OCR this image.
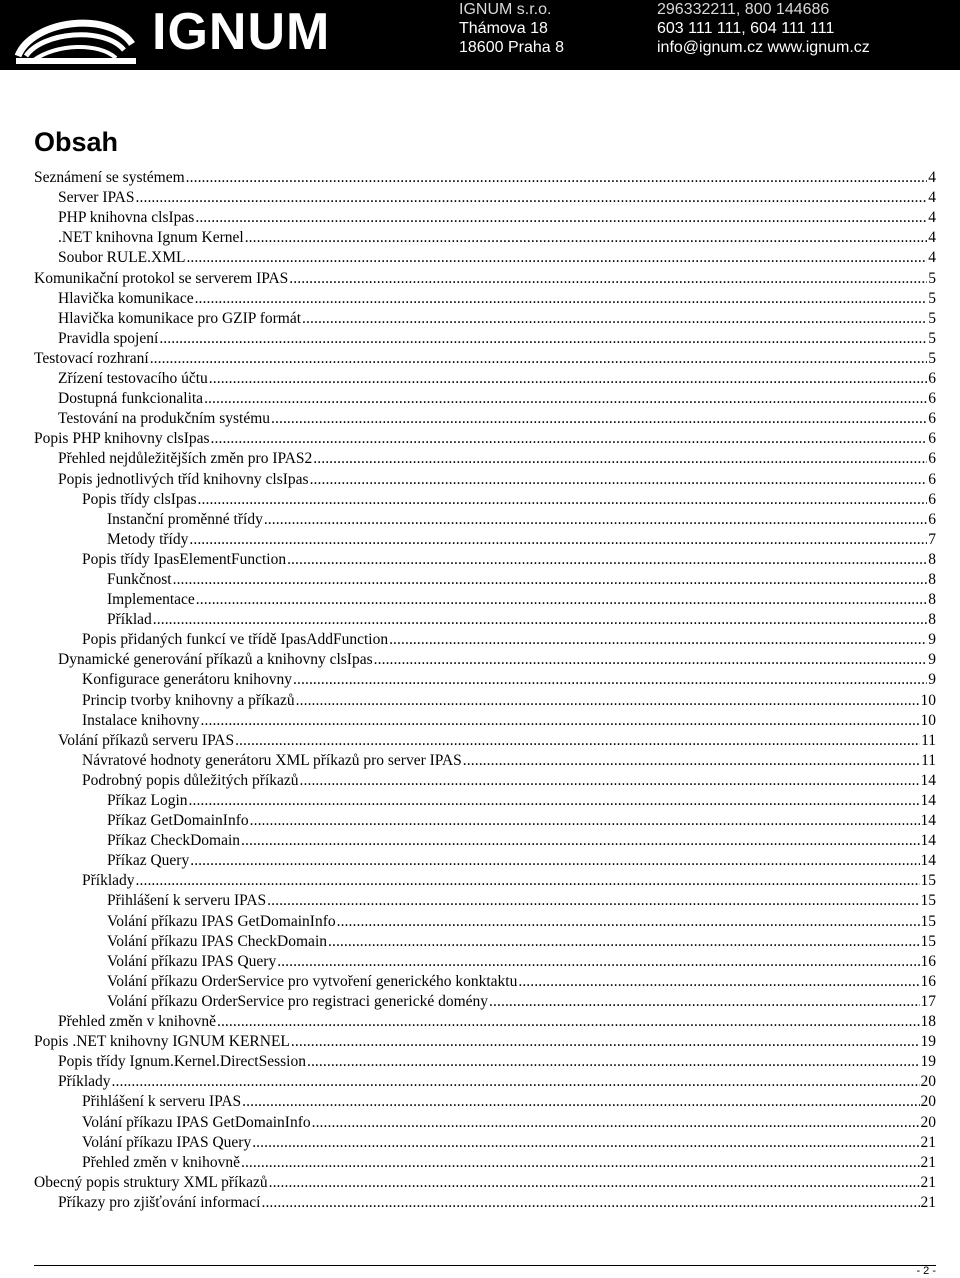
IGNUM	IGNUM s.r.o.
Thámova 18
18600 Praha 8
296332211, 800 144686
603 111 111, 604 111 111
info@ignum.cz www.ignum.cz
Obsah
Seznámení se systémem .....	4
Server IPAS .....	4
PHP knihovna clsIpas .....	4
.NET knihovna Ignum Kernel .....	4
Soubor RULE.XML .....	4
Komunikační protokol se serverem IPAS .....	5
Hlavička komunikace .....	5
Hlavička komunikace pro GZIP formát .....	5
Pravidla spojení .....	5
Testovací rozhraní .....	5
Zřízení testovacího účtu .....	6
Dostupná funkcionalita .....	6
Testování na produkčním systému .....	6
Popis PHP knihovny clsIpas .....	6
Přehled nejdůležitějších změn pro IPAS2 .....	6
Popis jednotlivých tříd knihovny clsIpas .....	6
Popis třídy clsIpas .....	6
Instanční proměnné třídy .....	6
Metody třídy .....	7
Popis třídy IpasElementFunction .....	8
Funkčnost .....	8
Implementace .....	8
Příklad .....	8
Popis přidaných funkcí ve třídě IpasAddFunction .....	9
Dynamické generování příkazů a knihovny clsIpas .....	9
Konfigurace generátoru knihovny .....	9
Princip tvorby knihovny a příkazů .....	10
Instalace knihovny .....	10
Volání příkazů serveru IPAS .....	11
Návratové hodnoty generátoru XML příkazů pro server IPAS .....	11
Podrobný popis důležitých příkazů .....	14
Příkaz Login .....	14
Příkaz GetDomainInfo .....	14
Příkaz CheckDomain .....	14
Příkaz Query .....	14
Příklady .....	15
Přihlášení k serveru IPAS .....	15
Volání příkazu IPAS GetDomainInfo .....	15
Volání příkazu IPAS CheckDomain .....	15
Volání příkazu IPAS Query .....	16
Volání příkazu OrderService pro vytvoření generického konktaktu .....	16
Volání příkazu OrderService pro registraci generické domény .....	17
Přehled změn v knihovně .....	18
Popis .NET knihovny IGNUM KERNEL .....	19
Popis třídy Ignum.Kernel.DirectSession .....	19
Příklady .....	20
Přihlášení k serveru IPAS .....	20
Volání příkazu IPAS GetDomainInfo .....	20
Volání příkazu IPAS Query .....	21
Přehled změn v knihovně .....	21
Obecný popis struktury XML příkazů .....	21
Příkazy pro zjišťování informací .....	21
- 2 -
